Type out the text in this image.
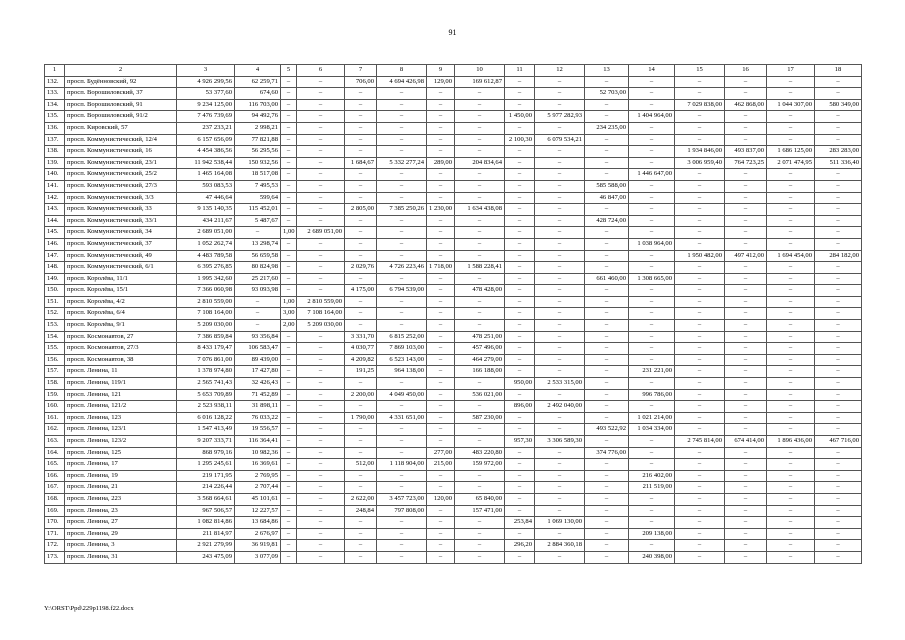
91
1	2	3	4	5	6	7	8	9	10	11	12	13	14	15	16	17	18
132.	просп. Будённовский, 92	4 926 299,56	62 259,71	–	–	706,00	4 694 426,98	129,00	169 612,87	–	–	–	–	–	–	–	–
133.	просп. Ворошиловский, 37	53 377,60	674,60	–	–	–	–	–	–	–	–	52 703,00	–	–	–	–	–
134.	просп. Ворошиловский, 91	9 234 125,00	116 703,00	–	–	–	–	–	–	–	–	–	–	7 029 838,00	462 868,00	1 044 307,00	580 349,00
135.	просп. Ворошиловский, 91/2	7 476 739,69	94 492,76	–	–	–	–	–	–	1 450,00	5 977 282,93	–	1 404 964,00	–	–	–	–
136.	просп. Кировский, 57	237 233,21	2 998,21	–	–	–	–	–	–	–	–	234 235,00	–	–	–	–	–
137.	просп. Коммунистический, 12/4	6 157 656,09	77 821,88	–	–	–	–	–	–	2 100,30	6 079 534,21	–	–	–	–	–	–
138.	просп. Коммунистический, 16	4 454 386,56	56 295,56	–	–	–	–	–	–	–	–	–	–	1 934 846,00	493 837,00	1 686 125,00	283 283,00
139.	просп. Коммунистический, 23/1	11 942 538,44	150 932,56	–	–	1 684,67	5 332 277,24	289,00	204 834,64	–	–	–	–	3 006 959,40	764 723,25	2 071 474,95	511 336,40
140.	просп. Коммунистический, 25/2	1 465 164,08	18 517,08	–	–	–	–	–	–	–	–	–	1 446 647,00	–	–	–	–
141.	просп. Коммунистический, 27/3	593 083,53	7 495,53	–	–	–	–	–	–	–	–	585 588,00	–	–	–	–	–
142.	просп. Коммунистический, 3/3	47 446,64	599,64	–	–	–	–	–	–	–	–	46 847,00	–	–	–	–	–
143.	просп. Коммунистический, 33	9 135 140,35	115 452,01	–	–	2 805,00	7 385 250,26	1 230,00	1 634 438,08	–	–	–	–	–	–	–	–
144.	просп. Коммунистический, 33/1	434 211,67	5 487,67	–	–	–	–	–	–	–	–	428 724,00	–	–	–	–	–
145.	просп. Коммунистический, 34	2 689 051,00	–	1,00	2 689 051,00	–	–	–	–	–	–	–	–	–	–	–	–
146.	просп. Коммунистический, 37	1 052 262,74	13 298,74	–	–	–	–	–	–	–	–	–	1 038 964,00	–	–	–	–
147.	просп. Коммунистический, 49	4 483 789,58	56 659,58	–	–	–	–	–	–	–	–	–	–	1 950 482,00	497 412,00	1 694 454,00	284 182,00
148.	просп. Коммунистический, 6/1	6 395 276,85	80 824,98	–	–	2 029,76	4 726 223,46	1 718,00	1 588 228,41	–	–	–	–	–	–	–	–
149.	просп. Королёва, 11/1	1 995 342,60	25 217,60	–	–	–	–	–	–	–	–	661 460,00	1 308 665,00	–	–	–	–
150.	просп. Королёва, 15/1	7 366 060,98	93 093,98	–	–	4 175,00	6 794 539,00	–	478 428,00	–	–	–	–	–	–	–	–
151.	просп. Королёва, 4/2	2 810 559,00	–	1,00	2 810 559,00	–	–	–	–	–	–	–	–	–	–	–	–
152.	просп. Королёва, 6/4	7 108 164,00	–	3,00	7 108 164,00	–	–	–	–	–	–	–	–	–	–	–	–
153.	просп. Королёва, 9/1	5 209 030,00	–	2,00	5 209 030,00	–	–	–	–	–	–	–	–	–	–	–	–
154.	просп. Космонавтов, 27	7 386 859,84	93 356,84	–	–	3 331,70	6 815 252,00	–	478 251,00	–	–	–	–	–	–	–	–
155.	просп. Космонавтов, 27/3	8 433 179,47	106 583,47	–	–	4 030,77	7 869 103,00	–	457 496,00	–	–	–	–	–	–	–	–
156.	просп. Космонавтов, 38	7 076 861,00	89 439,00	–	–	4 209,82	6 523 143,00	–	464 279,00	–	–	–	–	–	–	–	–
157.	просп. Ленина, 11	1 378 974,80	17 427,80	–	–	191,25	964 138,00	–	166 188,00	–	–	–	231 221,00	–	–	–	–
158.	просп. Ленина, 119/1	2 565 741,43	32 426,43	–	–	–	–	–	–	950,00	2 533 315,00	–	–	–	–	–	–
159.	просп. Ленина, 121	5 653 709,89	71 452,89	–	–	2 200,00	4 049 450,00	–	536 021,00	–	–	–	996 786,00	–	–	–	–
160.	просп. Ленина, 121/2	2 523 938,11	31 898,11	–	–	–	–	–	–	896,00	2 492 040,00	–	–	–	–	–	–
161.	просп. Ленина, 123	6 016 128,22	76 033,22	–	–	1 790,00	4 331 651,00	–	587 230,00	–	–	–	1 021 214,00	–	–	–	–
162.	просп. Ленина, 123/1	1 547 413,49	19 556,57	–	–	–	–	–	–	–	–	493 522,92	1 034 334,00	–	–	–	–
163.	просп. Ленина, 123/2	9 207 333,71	116 364,41	–	–	–	–	–	–	957,30	3 306 589,30	–	–	2 745 814,00	674 414,00	1 896 436,00	467 716,00
164.	просп. Ленина, 125	868 979,16	10 982,36	–	–	–	–	277,00	483 220,80	–	–	374 776,00	–	–	–	–	–
165.	просп. Ленина, 17	1 295 245,61	16 369,61	–	–	512,00	1 118 904,00	215,00	159 972,00	–	–	–	–	–	–	–	–
166.	просп. Ленина, 19	219 171,95	2 769,95	–	–	–	–	–	–	–	–	–	216 402,00	–	–	–	–
167.	просп. Ленина, 21	214 226,44	2 707,44	–	–	–	–	–	–	–	–	–	211 519,00	–	–	–	–
168.	просп. Ленина, 223	3 568 664,61	45 101,61	–	–	2 622,00	3 457 723,00	120,00	65 840,00	–	–	–	–	–	–	–	–
169.	просп. Ленина, 23	967 506,57	12 227,57	–	–	248,84	797 808,00	–	157 471,00	–	–	–	–	–	–	–	–
170.	просп. Ленина, 27	1 082 814,86	13 684,86	–	–	–	–	–	–	253,84	1 069 130,00	–	–	–	–	–	–
171.	просп. Ленина, 29	211 814,97	2 676,97	–	–	–	–	–	–	–	–	–	209 138,00	–	–	–	–
172.	просп. Ленина, 3	2 921 279,99	36 919,81	–	–	–	–	–	–	296,20	2 884 360,18	–	–	–	–	–	–
173.	просп. Ленина, 31	243 475,09	3 077,09	–	–	–	–	–	–	–	–	–	240 398,00	–	–	–	–
Y:\ORST\Ppd\229p1198.f22.docx
